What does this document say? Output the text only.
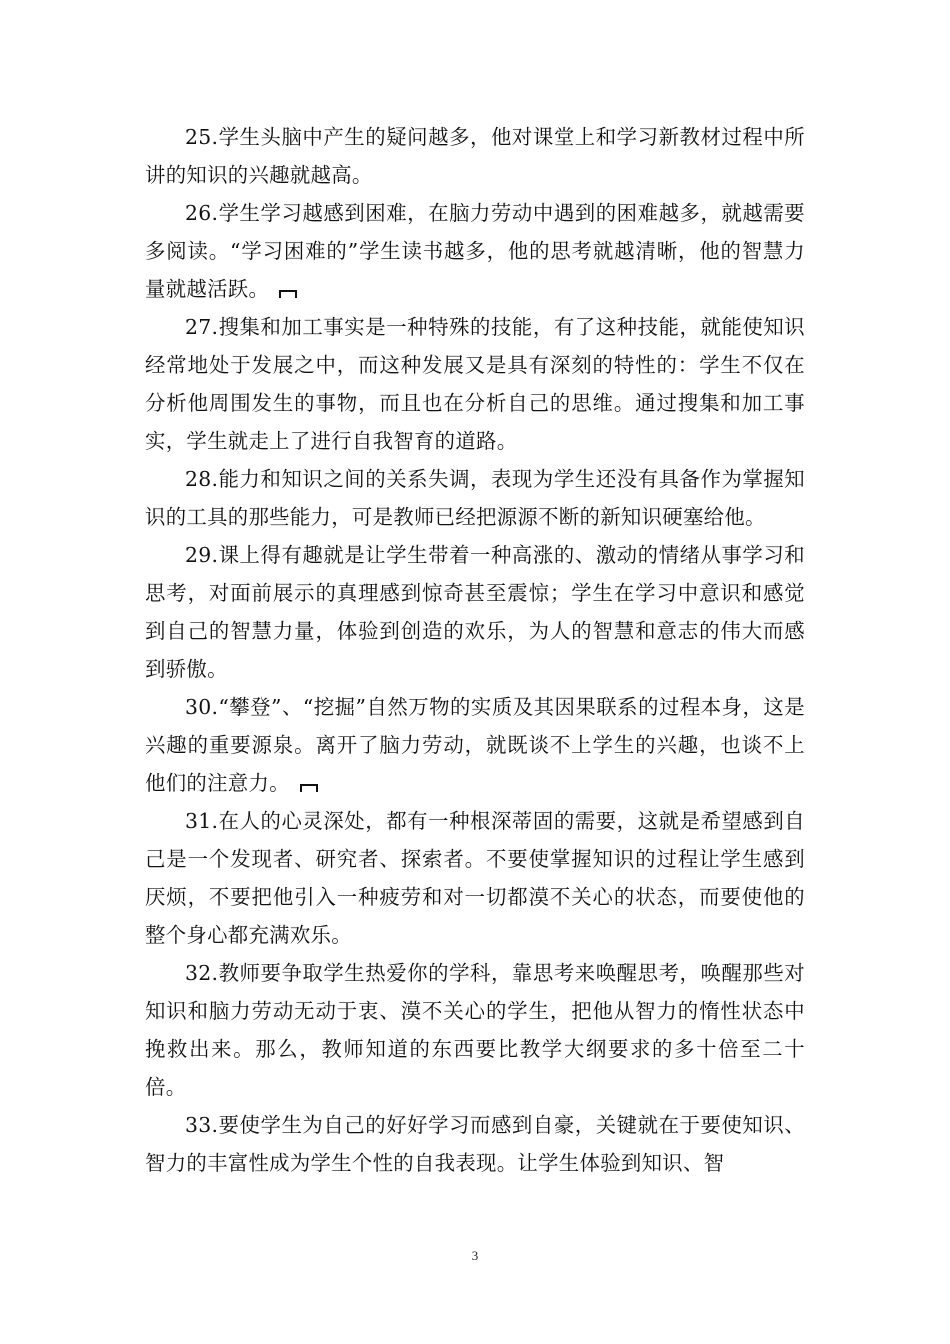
25.学生头脑中产生的疑问越多，他对课堂上和学习新教材过程中所讲的知识的兴趣就越高。

26.学生学习越感到困难，在脑力劳动中遇到的困难越多，就越需要多阅读。“学习困难的”学生读书越多，他的思考就越清晰，他的智慧力量就越活跃。

27.搜集和加工事实是一种特殊的技能，有了这种技能，就能使知识经常地处于发展之中，而这种发展又是具有深刻的特性的：学生不仅在分析他周围发生的事物，而且也在分析自己的思维。通过搜集和加工事实，学生就走上了进行自我智育的道路。

28.能力和知识之间的关系失调，表现为学生还没有具备作为掌握知识的工具的那些能力，可是教师已经把源源不断的新知识硬塞给他。

29.课上得有趣就是让学生带着一种高涨的、激动的情绪从事学习和思考，对面前展示的真理感到惊奇甚至震惊；学生在学习中意识和感觉到自己的智慧力量，体验到创造的欢乐，为人的智慧和意志的伟大而感到骄傲。

30.“攀登”、“挖掘”自然万物的实质及其因果联系的过程本身，这是兴趣的重要源泉。离开了脑力劳动，就既谈不上学生的兴趣，也谈不上他们的注意力。

31.在人的心灵深处，都有一种根深蒂固的需要，这就是希望感到自己是一个发现者、研究者、探索者。不要使掌握知识的过程让学生感到厌烦，不要把他引入一种疲劳和对一切都漠不关心的状态，而要使他的整个身心都充满欢乐。

32.教师要争取学生热爱你的学科，靠思考来唤醒思考，唤醒那些对知识和脑力劳动无动于衷、漠不关心的学生，把他从智力的惰性状态中挽救出来。那么，教师知道的东西要比教学大纲要求的多十倍至二十倍。

33.要使学生为自己的好好学习而感到自豪，关键就在于要使知识、智力的丰富性成为学生个性的自我表现。让学生体验到知识、智

3
